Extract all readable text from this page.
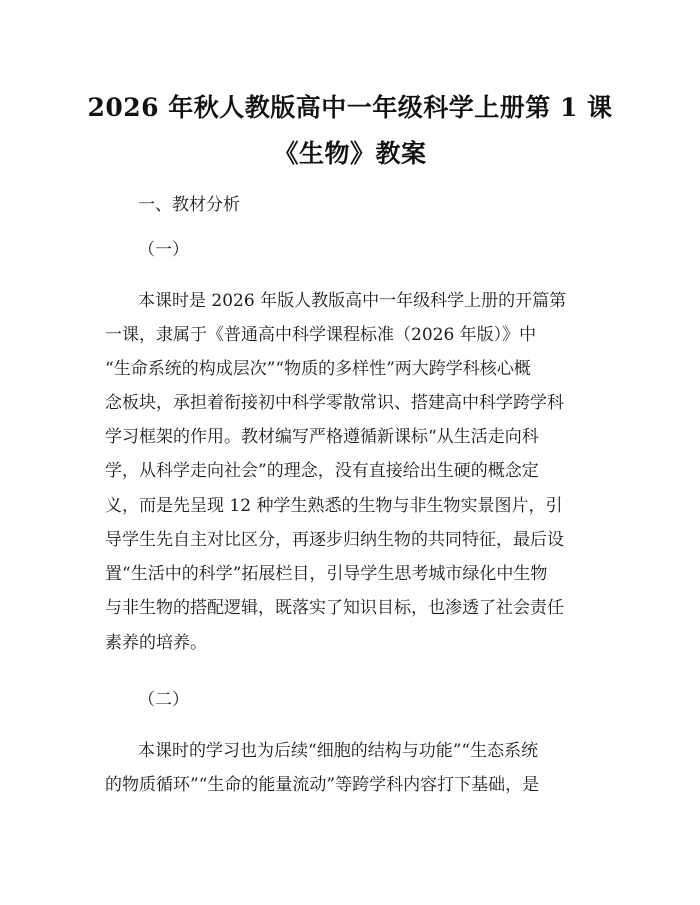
2026 年秋人教版高中一年级科学上册第 1 课
《生物》教案
一、教材分析
（一）
本课时是 2026 年版人教版高中一年级科学上册的开篇第
一课，隶属于《普通高中科学课程标准（2026 年版）》中
“生命系统的构成层次”“物质的多样性”两大跨学科核心概
念板块，承担着衔接初中科学零散常识、搭建高中科学跨学科
学习框架的作用。教材编写严格遵循新课标“从生活走向科
学，从科学走向社会”的理念，没有直接给出生硬的概念定
义，而是先呈现 12 种学生熟悉的生物与非生物实景图片，引
导学生先自主对比区分，再逐步归纳生物的共同特征，最后设
置“生活中的科学”拓展栏目，引导学生思考城市绿化中生物
与非生物的搭配逻辑，既落实了知识目标，也渗透了社会责任
素养的培养。
（二）
本课时的学习也为后续“细胞的结构与功能”“生态系统
的物质循环”“生命的能量流动”等跨学科内容打下基础，是
